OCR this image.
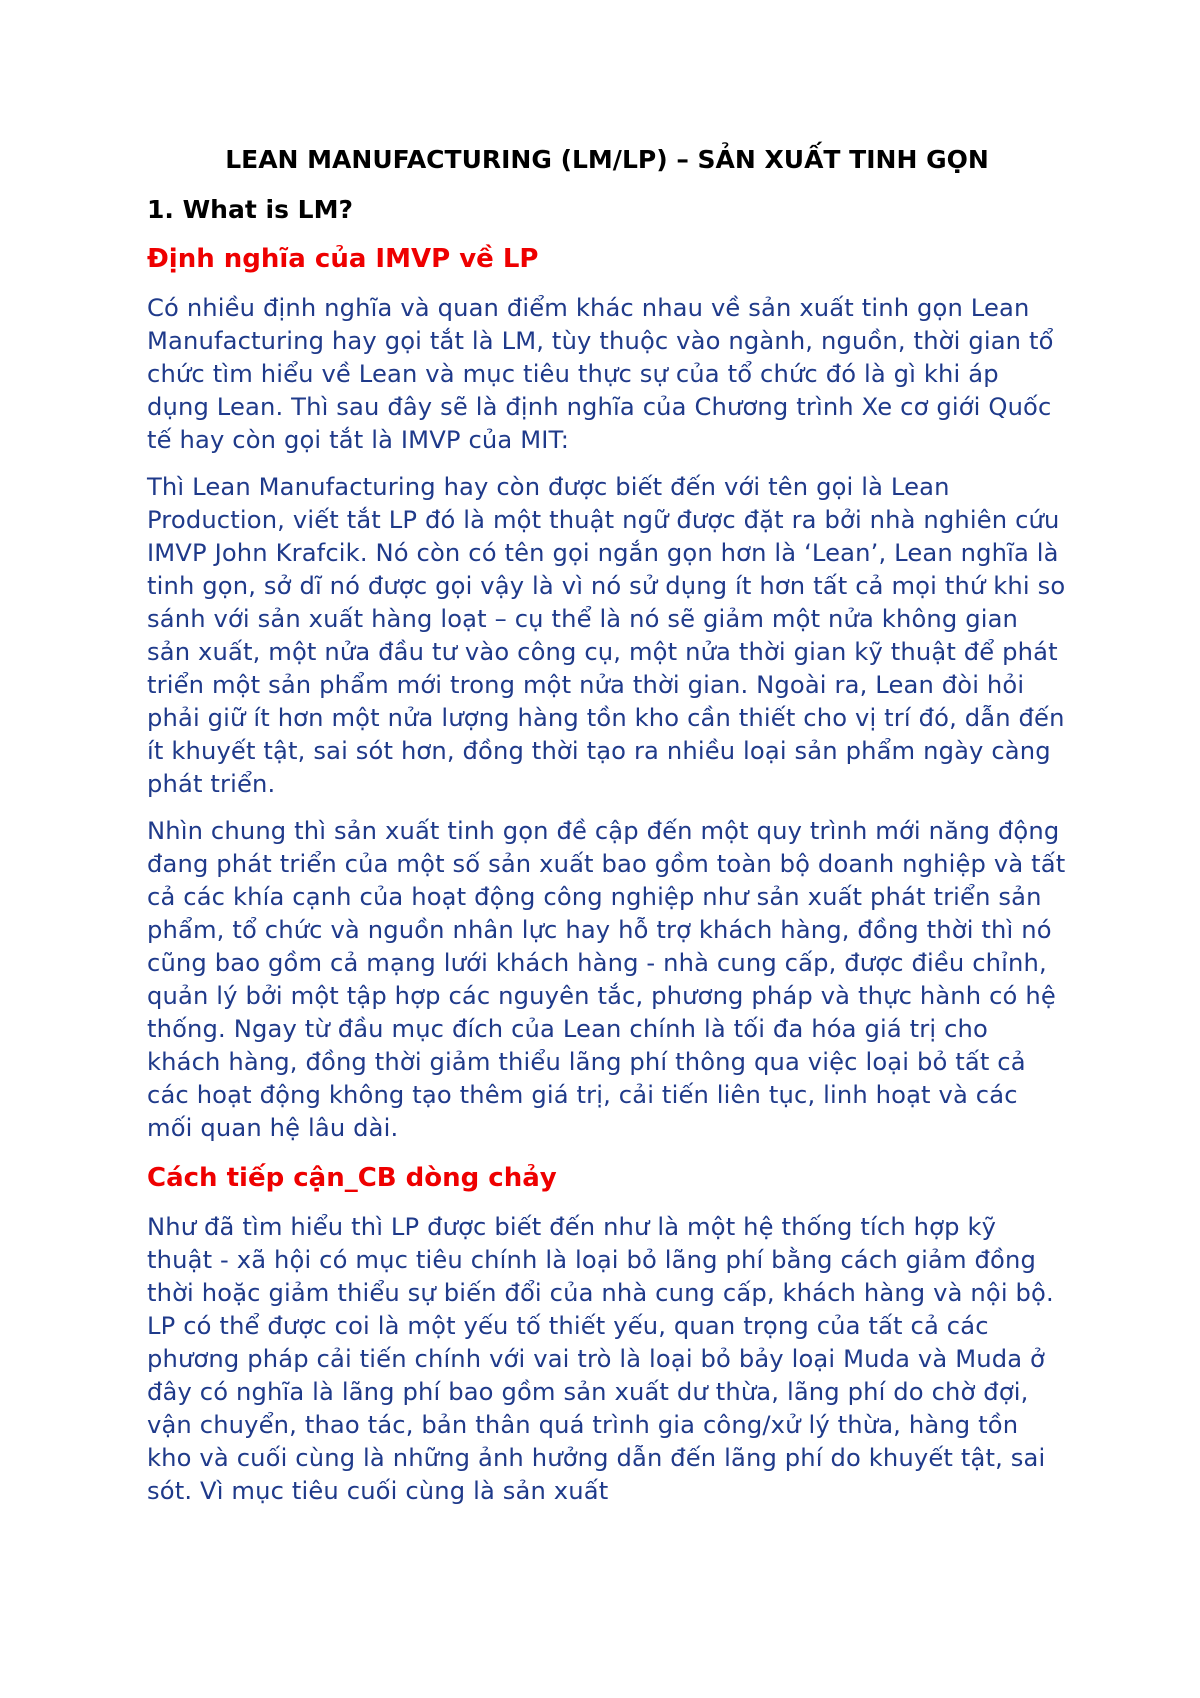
LEAN MANUFACTURING (LM/LP) – SẢN XUẤT TINH GỌN
1. What is LM?
Định nghĩa của IMVP về LP

Có nhiều định nghĩa và quan điểm khác nhau về sản xuất tinh gọn Lean Manufacturing hay gọi tắt là LM, tùy thuộc vào ngành, nguồn, thời gian tổ chức tìm hiểu về Lean và mục tiêu thực sự của tổ chức đó là gì khi áp dụng Lean. Thì sau đây sẽ là định nghĩa của Chương trình Xe cơ giới Quốc tế hay còn gọi tắt là IMVP của MIT:

Thì Lean Manufacturing hay còn được biết đến với tên gọi là Lean Production, viết tắt LP đó là một thuật ngữ được đặt ra bởi nhà nghiên cứu IMVP John Krafcik. Nó còn có tên gọi ngắn gọn hơn là ‘Lean’, Lean nghĩa là tinh gọn, sở dĩ nó được gọi vậy là vì nó sử dụng ít hơn tất cả mọi thứ khi so sánh với sản xuất hàng loạt – cụ thể là nó sẽ giảm một nửa không gian sản xuất, một nửa đầu tư vào công cụ, một nửa thời gian kỹ thuật để phát triển một sản phẩm mới trong một nửa thời gian. Ngoài ra, Lean đòi hỏi phải giữ ít hơn một nửa lượng hàng tồn kho cần thiết cho vị trí đó, dẫn đến ít khuyết tật, sai sót hơn, đồng thời tạo ra nhiều loại sản phẩm ngày càng phát triển.

Nhìn chung thì sản xuất tinh gọn đề cập đến một quy trình mới năng động đang phát triển của một số sản xuất bao gồm toàn bộ doanh nghiệp và tất cả các khía cạnh của hoạt động công nghiệp như sản xuất phát triển sản phẩm, tổ chức và nguồn nhân lực hay hỗ trợ khách hàng, đồng thời thì nó cũng bao gồm cả mạng lưới khách hàng - nhà cung cấp, được điều chỉnh, quản lý bởi một tập hợp các nguyên tắc, phương pháp và thực hành có hệ thống. Ngay từ đầu mục đích của Lean chính là tối đa hóa giá trị cho khách hàng, đồng thời giảm thiểu lãng phí thông qua việc loại bỏ tất cả các hoạt động không tạo thêm giá trị, cải tiến liên tục, linh hoạt và các mối quan hệ lâu dài.

Cách tiếp cận_CB dòng chảy

Như đã tìm hiểu thì LP được biết đến như là một hệ thống tích hợp kỹ thuật - xã hội có mục tiêu chính là loại bỏ lãng phí bằng cách giảm đồng thời hoặc giảm thiểu sự biến đổi của nhà cung cấp, khách hàng và nội bộ. LP có thể được coi là một yếu tố thiết yếu, quan trọng của tất cả các phương pháp cải tiến chính với vai trò là loại bỏ bảy loại Muda và Muda ở đây có nghĩa là lãng phí bao gồm sản xuất dư thừa, lãng phí do chờ đợi, vận chuyển, thao tác, bản thân quá trình gia công/xử lý thừa, hàng tồn kho và cuối cùng là những ảnh hưởng dẫn đến lãng phí do khuyết tật, sai sót. Vì mục tiêu cuối cùng là sản xuất
